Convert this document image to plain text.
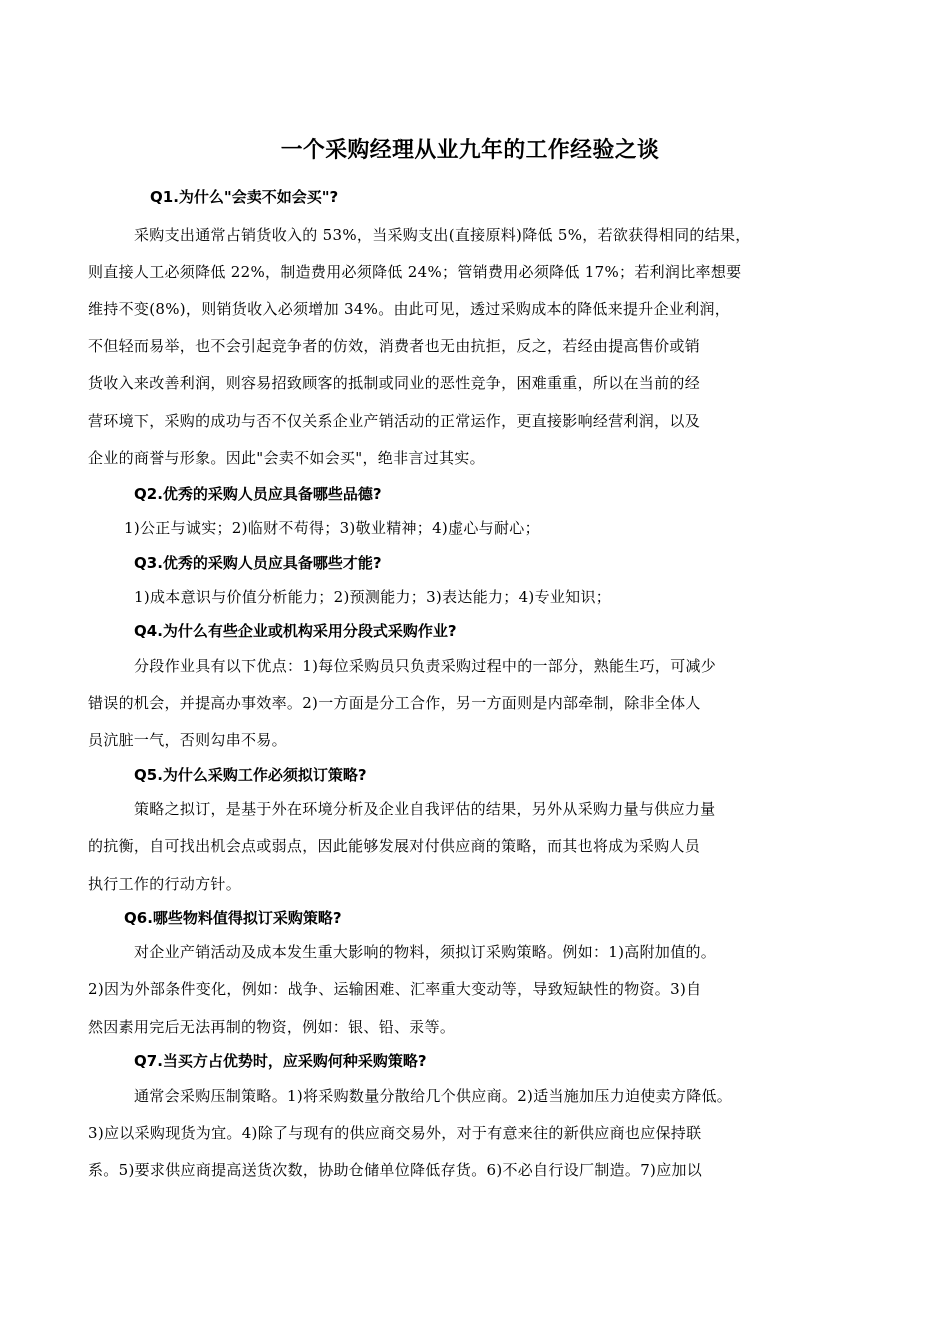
一个采购经理从业九年的工作经验之谈
Q1.为什么"会卖不如会买"?
采购支出通常占销货收入的 53%，当采购支出(直接原料)降低 5%，若欲获得相同的结果，
则直接人工必须降低 22%，制造费用必须降低 24%；管销费用必须降低 17%；若利润比率想要
维持不变(8%)，则销货收入必须增加 34%。由此可见，透过采购成本的降低来提升企业利润，
不但轻而易举，也不会引起竞争者的仿效，消费者也无由抗拒，反之，若经由提高售价或销
货收入来改善利润，则容易招致顾客的抵制或同业的恶性竞争，困难重重，所以在当前的经
营环境下，采购的成功与否不仅关系企业产销活动的正常运作，更直接影响经营利润，以及
企业的商誉与形象。因此"会卖不如会买"，绝非言过其实。
Q2.优秀的采购人员应具备哪些品德?
1)公正与诚实；2)临财不苟得；3)敬业精神；4)虚心与耐心；
Q3.优秀的采购人员应具备哪些才能?
1)成本意识与价值分析能力；2)预测能力；3)表达能力；4)专业知识；
Q4.为什么有些企业或机构采用分段式采购作业?
分段作业具有以下优点：1)每位采购员只负责采购过程中的一部分，熟能生巧，可减少
错误的机会，并提高办事效率。2)一方面是分工合作，另一方面则是内部牵制，除非全体人
员沆脏一气，否则勾串不易。
Q5.为什么采购工作必须拟订策略?
策略之拟订，是基于外在环境分析及企业自我评估的结果，另外从采购力量与供应力量
的抗衡，自可找出机会点或弱点，因此能够发展对付供应商的策略，而其也将成为采购人员
执行工作的行动方针。
Q6.哪些物料值得拟订采购策略?
对企业产销活动及成本发生重大影响的物料，须拟订采购策略。例如：1)高附加值的。
2)因为外部条件变化，例如：战争、运输困难、汇率重大变动等，导致短缺性的物资。3)自
然因素用完后无法再制的物资，例如：银、铅、汞等。
Q7.当买方占优势时，应采购何种采购策略?
通常会采购压制策略。1)将采购数量分散给几个供应商。2)适当施加压力迫使卖方降低。
3)应以采购现货为宜。4)除了与现有的供应商交易外，对于有意来往的新供应商也应保持联
系。5)要求供应商提高送货次数，协助仓储单位降低存货。6)不必自行设厂制造。7)应加以
